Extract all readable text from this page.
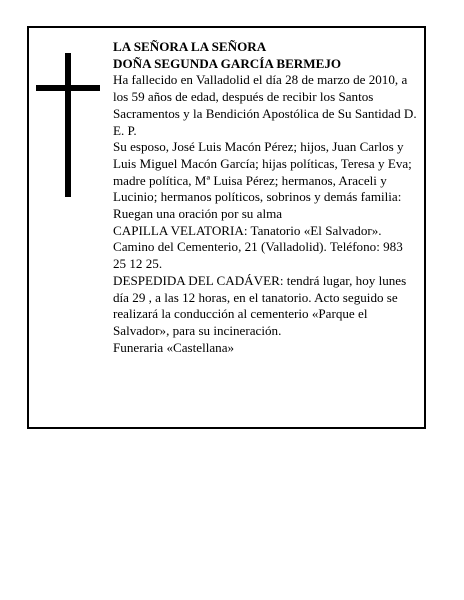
LA SEÑORA LA SEÑORA

DOÑA SEGUNDA GARCÍA BERMEJO

Ha fallecido en Valladolid el día 28 de marzo de 2010, a los 59 años de edad, después de recibir los Santos Sacramentos y la Bendición Apostólica de Su Santidad D. E. P.

Su esposo, José Luis Macón Pérez; hijos, Juan Carlos y Luis Miguel Macón García; hijas políticas, Teresa y Eva; madre política, Mª Luisa Pérez; hermanos, Araceli y Lucinio; hermanos políticos, sobrinos y demás familia:

Ruegan una oración por su alma

CAPILLA VELATORIA: Tanatorio «El Salvador». Camino del Cementerio, 21 (Valladolid). Teléfono: 983 25 12 25.

DESPEDIDA DEL CADÁVER: tendrá lugar, hoy lunes día 29 , a las 12 horas, en el tanatorio. Acto seguido se realizará la conducción al cementerio «Parque el Salvador», para su incineración.

Funeraria «Castellana»
